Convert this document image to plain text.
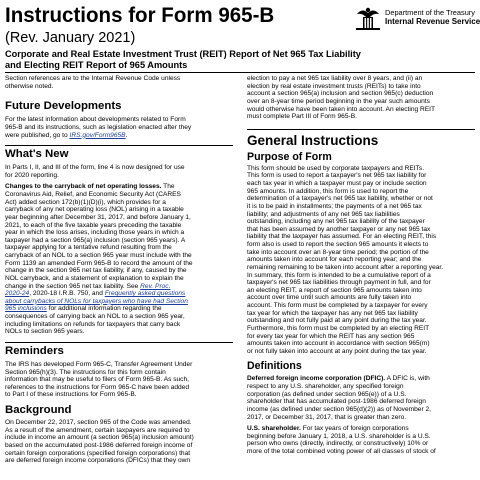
Instructions for Form 965-B
(Rev. January 2021)
Department of the Treasury
Internal Revenue Service
Corporate and Real Estate Investment Trust (REIT) Report of Net 965 Tax Liability
and Electing REIT Report of 965 Amounts

Section references are to the Internal Revenue Code unless
otherwise noted.

Future Developments

For the latest information about developments related to Form
965-B and its instructions, such as legislation enacted after they
were published, go to IRS.gov/Form965B.

What's New

In Parts I, II, and III of the form, line 4 is now designed for use
for 2020 reporting.

Changes to the carryback of net operating losses. The
Coronavirus Aid, Relief, and Economic Security Act (CARES
Act) added section 172(b)(1)(D)(i), which provides for a
carryback of any net operating loss (NOL) arising in a taxable
year beginning after December 31, 2017, and before January 1,
2021, to each of the five taxable years preceding the taxable
year in which the loss arises, including those years in which a
taxpayer had a section 965(a) inclusion (section 965 years). A
taxpayer applying for a tentative refund resulting from the
carryback of an NOL to a section 965 year must include with the
Form 1139 an amended Form 965-B to record the amount of the
change in the section 965 net tax liability, if any, caused by the
NOL carryback, and a statement of explanation to explain the
change in the section 965 net tax liability. See Rev. Proc.
2020-24, 2020-18 I.R.B. 750, and Frequently asked questions
about carrybacks of NOLs for taxpayers who have had Section
965 inclusions for additional information regarding the
consequences of carrying back an NOL to a section 965 year,
including limitations on refunds for taxpayers that carry back
NOLs to section 965 years.

Reminders

The IRS has developed Form 965-C, Transfer Agreement Under
Section 965(h)(3). The instructions for this form contain
information that may be useful to filers of Form 965-B. As such,
references to the instructions for Form 965-C have been added
to Part I of these instructions for Form 965-B.

Background

On December 22, 2017, section 965 of the Code was amended.
As a result of the amendment, certain taxpayers are required to
include in income an amount (a section 965(a) inclusion amount)
based on the accumulated post-1986 deferred foreign income of
certain foreign corporations (specified foreign corporations) that
are deferred foreign income corporations (DFICs) that they own

election to pay a net 965 tax liability over 8 years, and (ii) an
election by real estate investment trusts (REITs) to take into
account a section 965(a) inclusion and section 965(c) deduction
over an 8-year time period beginning in the year such amounts
would otherwise have been taken into account. An electing REIT
must complete Part III of Form 965-B.

General Instructions
Purpose of Form

This form should be used by corporate taxpayers and REITs.
This form is used to report a taxpayer's net 965 tax liability for
each tax year in which a taxpayer must pay or include section
965 amounts. In addition, this form is used to report the
determination of a taxpayer's net 965 tax liability, whether or not
it is to be paid in installments; the payments of a net 965 tax
liability; and adjustments of any net 965 tax liabilities
outstanding, including any net 965 tax liability of the taxpayer
that has been assumed by another taxpayer or any net 965 tax
liability that the taxpayer has assumed. For an electing REIT, this
form also is used to report the section 965 amounts it elects to
take into account over an 8-year time period; the portion of the
amounts taken into account for each reporting year; and the
remaining remaining to be taken into account after a reporting year.
In summary, this form is intended to be a cumulative report of a
taxpayer's net 965 tax liabilities through payment in full, and for
an electing REIT, a report of section 965 amounts taken into
account over time until such amounts are fully taken into
account. This form must be completed by a taxpayer for every
tax year for which the taxpayer has any net 965 tax liability
outstanding and not fully paid at any point during the tax year.
Furthermore, this form must be completed by an electing REIT
for every tax year for which the REIT has any section 965
amounts taken into account in accordance with section 965(m)
or not fully taken into account at any point during the tax year.

Definitions

Deferred foreign income corporation (DFIC). A DFIC is, with
respect to any U.S. shareholder, any specified foreign
corporation (as defined under section 965(e)) of a U.S.
shareholder that has accumulated post-1986 deferred foreign
income (as defined under section 965(d)(2)) as of November 2,
2017, or December 31, 2017, that is greater than zero.

U.S. shareholder. For tax years of foreign corporations
beginning before January 1, 2018, a U.S. shareholder is a U.S.
person who owns (directly, indirectly, or constructively) 10% or
more of the total combined voting power of all classes of stock of
